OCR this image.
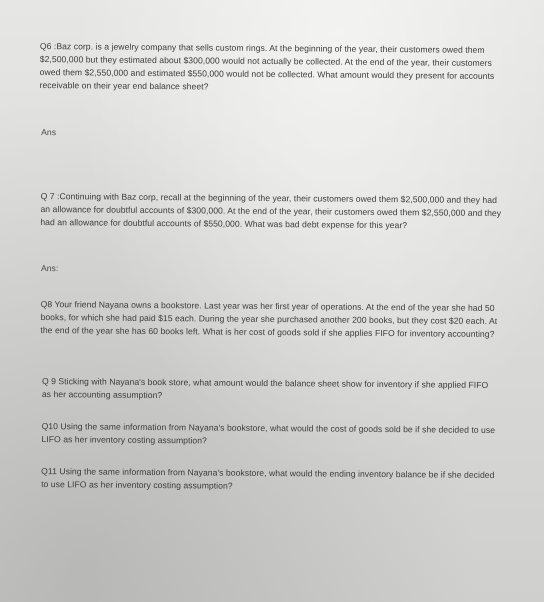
Q6 :Baz corp. is a jewelry company that sells custom rings. At the beginning of the year, their customers owed them $2,500,000 but they estimated about $300,000 would not actually be collected. At the end of the year, their customers owed them $2,550,000 and estimated $550,000 would not be collected. What amount would they present for accounts receivable on their year end balance sheet?

Ans

Q 7 :Continuing with Baz corp, recall at the beginning of the year, their customers owed them $2,500,000 and they had an allowance for doubtful accounts of $300,000. At the end of the year, their customers owed them $2,550,000 and they had an allowance for doubtful accounts of $550,000. What was bad debt expense for this year?

Ans:

Q8 Your friend Nayana owns a bookstore. Last year was her first year of operations. At the end of the year she had 50 books, for which she had paid $15 each. During the year she purchased another 200 books, but they cost $20 each. At the end of the year she has 60 books left. What is her cost of goods sold if she applies FIFO for inventory accounting?

Q 9 Sticking with Nayana's book store, what amount would the balance sheet show for inventory if she applied FIFO as her accounting assumption?

Q10 Using the same information from Nayana's bookstore, what would the cost of goods sold be if she decided to use LIFO as her inventory costing assumption?

Q11 Using the same information from Nayana's bookstore, what would the ending inventory balance be if she decided to use LIFO as her inventory costing assumption?
